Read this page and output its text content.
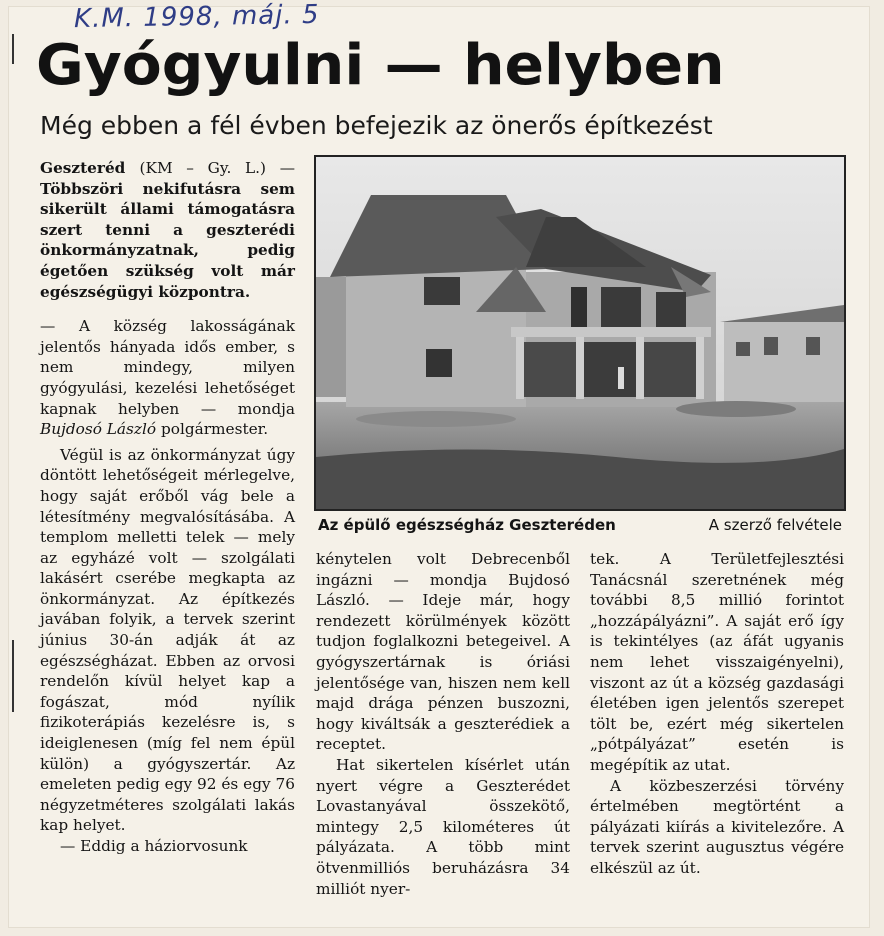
K.M. 1998, máj. 5
Gyógyulni — helyben
Még ebben a fél évben befejezik az önerős építkezést

Geszteréd (KM – Gy. L.) — Többszöri nekifutásra sem sikerült állami támogatásra szert tenni a geszterédi önkormányzatnak, pedig égetően szükség volt már egészségügyi központra.

— A község lakosságának jelentős hányada idős ember, s nem mindegy, milyen gyógyulási, kezelési lehetőséget kapnak helyben — mondja Bujdosó László polgármester.

Végül is az önkormányzat úgy döntött lehetőségeit mérlegelve, hogy saját erőből vág bele a létesítmény megvalósításába. A templom melletti telek — mely az egyházé volt — szolgálati lakásért cserébe megkapta az önkormányzat. Az építkezés javában folyik, a tervek szerint június 30-án adják át az egészségházat. Ebben az orvosi rendelőn kívül helyet kap a fogászat, mód nyílik fizikoterápiás kezelésre is, s ideiglenesen (míg fel nem épül külön) a gyógyszertár. Az emeleten pedig egy 92 és egy 76 négyzetméteres szolgálati lakás kap helyet.

— Eddig a háziorvosunk

Az épülő egészségház Geszteréden	A szerző felvétele

kénytelen volt Debrecenből ingázni — mondja Bujdosó László. — Ideje már, hogy rendezett körülmények között tudjon foglalkozni betegeivel. A gyógyszertárnak is óriási jelentősége van, hiszen nem kell majd drága pénzen buszozni, hogy kiváltsák a geszterédiek a receptet.

Hat sikertelen kísérlet után nyert végre a Geszterédet Lovastanyával összekötő, mintegy 2,5 kilométeres út pályázata. A több mint ötvenmilliós beruházásra 34 milliót nyer-

tek. A Területfejlesztési Tanácsnál szeretnének még további 8,5 millió forintot „hozzápályázni”. A saját erő így is tekintélyes (az áfát ugyanis nem lehet visszaigényelni), viszont az út a község gazdasági életében igen jelentős szerepet tölt be, ezért még sikertelen „pótpályázat” esetén is megépítik az utat.

A közbeszerzési törvény értelmében megtörtént a pályázati kiírás a kivitelezőre. A tervek szerint augusztus végére elkészül az út.
